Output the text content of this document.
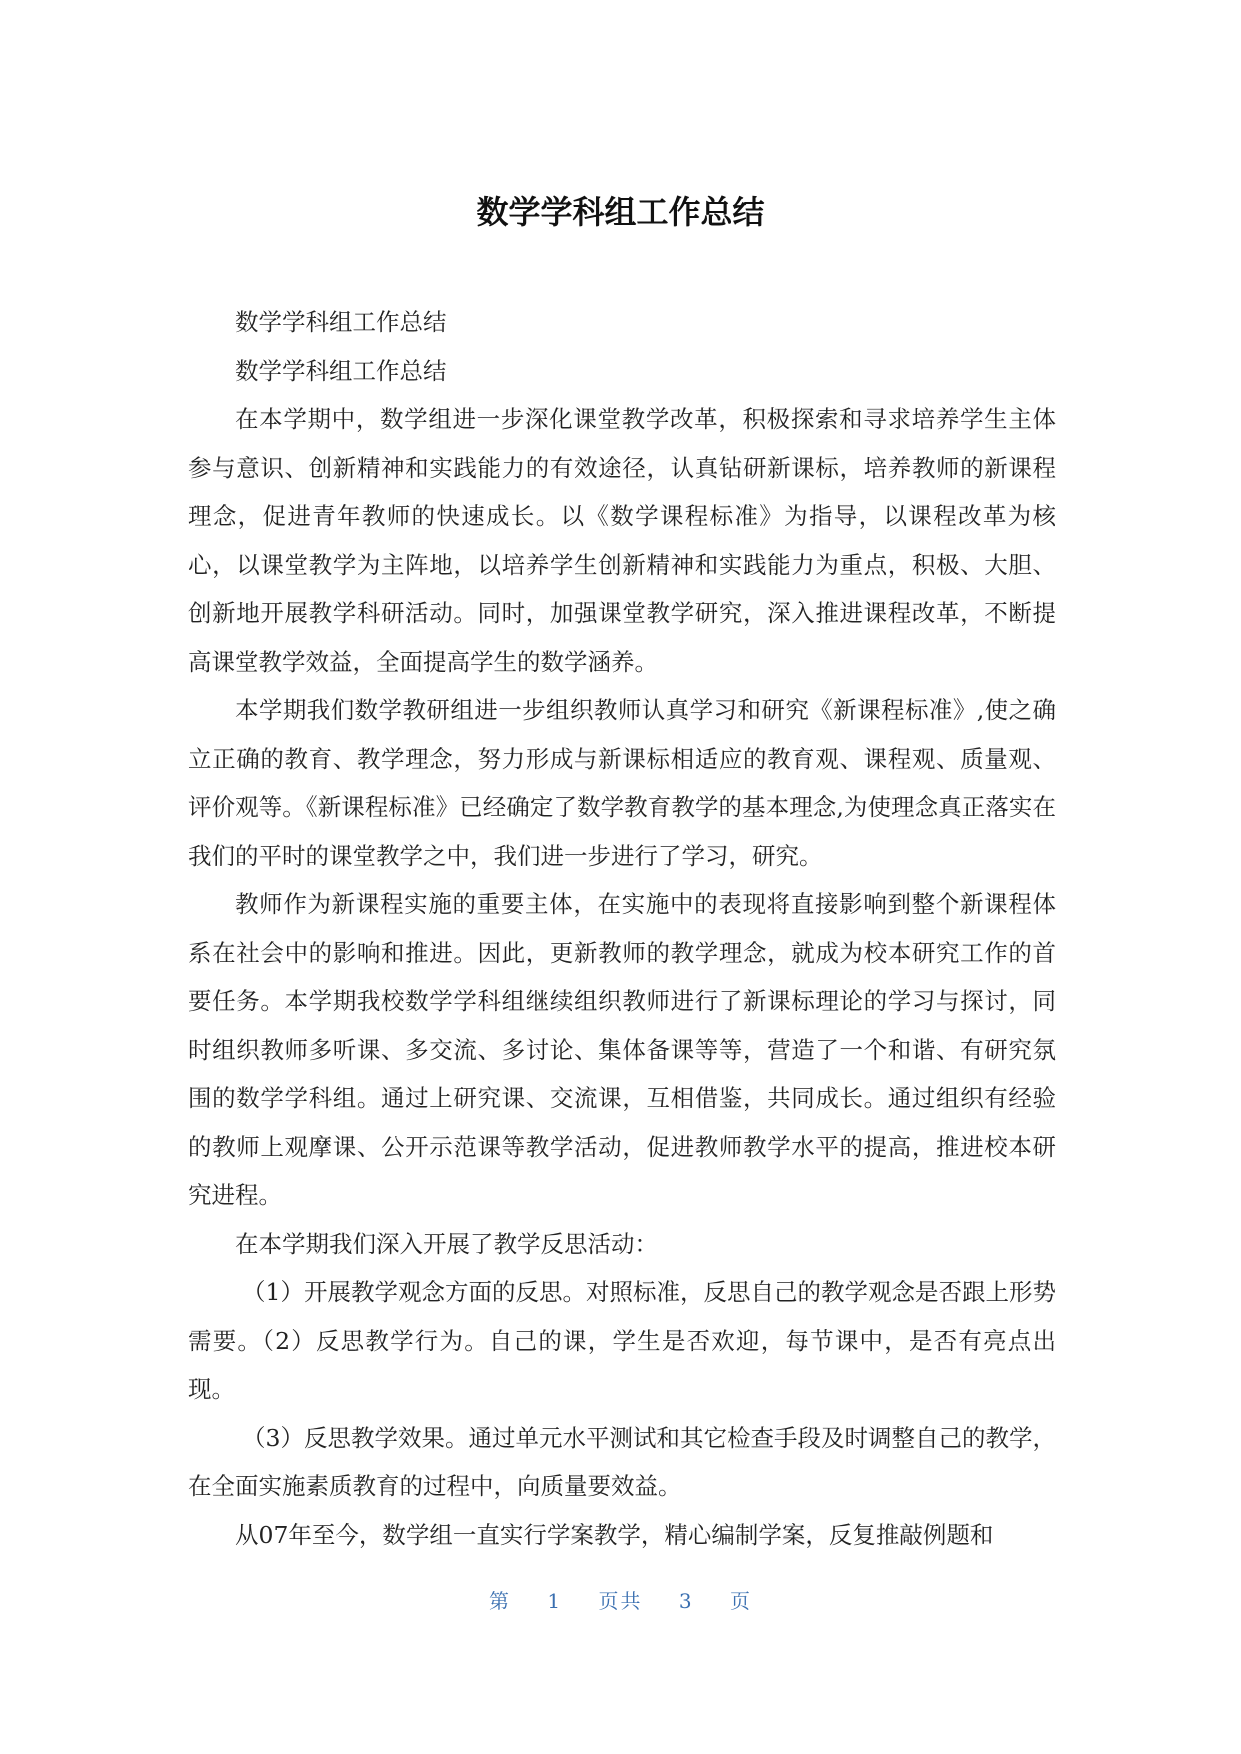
数学学科组工作总结

数学学科组工作总结

数学学科组工作总结

在本学期中，数学组进一步深化课堂教学改革，积极探索和寻求培养学生主体参与意识、创新精神和实践能力的有效途径，认真钻研新课标，培养教师的新课程理念，促进青年教师的快速成长。以《数学课程标准》为指导，以课程改革为核心，以课堂教学为主阵地，以培养学生创新精神和实践能力为重点，积极、大胆、创新地开展教学科研活动。同时，加强课堂教学研究，深入推进课程改革，不断提高课堂教学效益，全面提高学生的数学涵养。

本学期我们数学教研组进一步组织教师认真学习和研究《新课程标准》,使之确立正确的教育、教学理念，努力形成与新课标相适应的教育观、课程观、质量观、评价观等。《新课程标准》已经确定了数学教育教学的基本理念,为使理念真正落实在我们的平时的课堂教学之中，我们进一步进行了学习，研究。

教师作为新课程实施的重要主体，在实施中的表现将直接影响到整个新课程体系在社会中的影响和推进。因此，更新教师的教学理念，就成为校本研究工作的首要任务。本学期我校数学学科组继续组织教师进行了新课标理论的学习与探讨，同时组织教师多听课、多交流、多讨论、集体备课等等，营造了一个和谐、有研究氛围的数学学科组。通过上研究课、交流课，互相借鉴，共同成长。通过组织有经验的教师上观摩课、公开示范课等教学活动，促进教师教学水平的提高，推进校本研究进程。

在本学期我们深入开展了教学反思活动：

（1）开展教学观念方面的反思。对照标准，反思自己的教学观念是否跟上形势需要。（2）反思教学行为。自己的课，学生是否欢迎，每节课中，是否有亮点出现。

（3）反思教学效果。通过单元水平测试和其它检查手段及时调整自己的教学，在全面实施素质教育的过程中，向质量要效益。

从07年至今，数学组一直实行学案教学，精心编制学案，反复推敲例题和

第 1 页共 3 页
